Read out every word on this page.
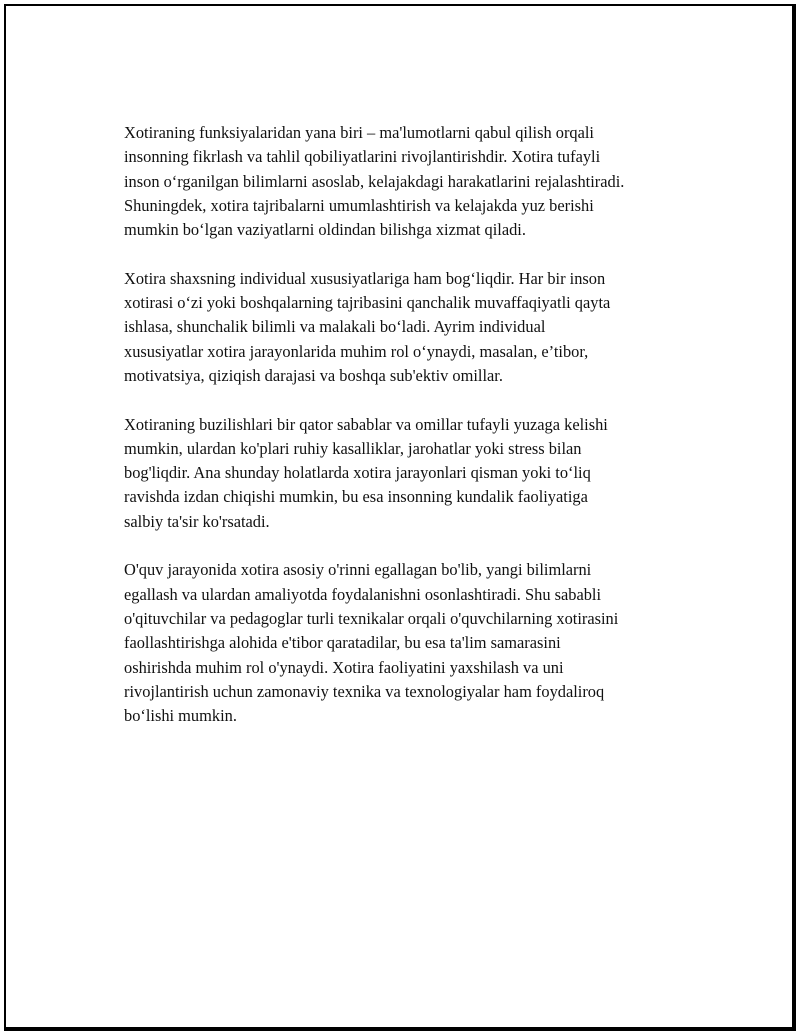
Xotiraning funksiyalaridan yana biri – ma'lumotlarni qabul qilish orqali
insonning fikrlash va tahlil qobiliyatlarini rivojlantirishdir. Xotira tufayli
inson o‘rganilgan bilimlarni asoslab, kelajakdagi harakatlarini rejalashtiradi.
Shuningdek, xotira tajribalarni umumlashtirish va kelajakda yuz berishi
mumkin bo‘lgan vaziyatlarni oldindan bilishga xizmat qiladi.

Xotira shaxsning individual xususiyatlariga ham bog‘liqdir. Har bir inson
xotirasi o‘zi yoki boshqalarning tajribasini qanchalik muvaffaqiyatli qayta
ishlasa, shunchalik bilimli va malakali bo‘ladi. Ayrim individual
xususiyatlar xotira jarayonlarida muhim rol o‘ynaydi, masalan, e’tibor,
motivatsiya, qiziqish darajasi va boshqa sub'ektiv omillar.

Xotiraning buzilishlari bir qator sabablar va omillar tufayli yuzaga kelishi
mumkin, ulardan ko'plari ruhiy kasalliklar, jarohatlar yoki stress bilan
bog'liqdir. Ana shunday holatlarda xotira jarayonlari qisman yoki to‘liq
ravishda izdan chiqishi mumkin, bu esa insonning kundalik faoliyatiga
salbiy ta'sir ko'rsatadi.

O'quv jarayonida xotira asosiy o'rinni egallagan bo'lib, yangi bilimlarni
egallash va ulardan amaliyotda foydalanishni osonlashtiradi. Shu sababli
o'qituvchilar va pedagoglar turli texnikalar orqali o'quvchilarning xotirasini
faollashtirishga alohida e'tibor qaratadilar, bu esa ta'lim samarasini
oshirishda muhim rol o'ynaydi. Xotira faoliyatini yaxshilash va uni
rivojlantirish uchun zamonaviy texnika va texnologiyalar ham foydaliroq
bo‘lishi mumkin.
